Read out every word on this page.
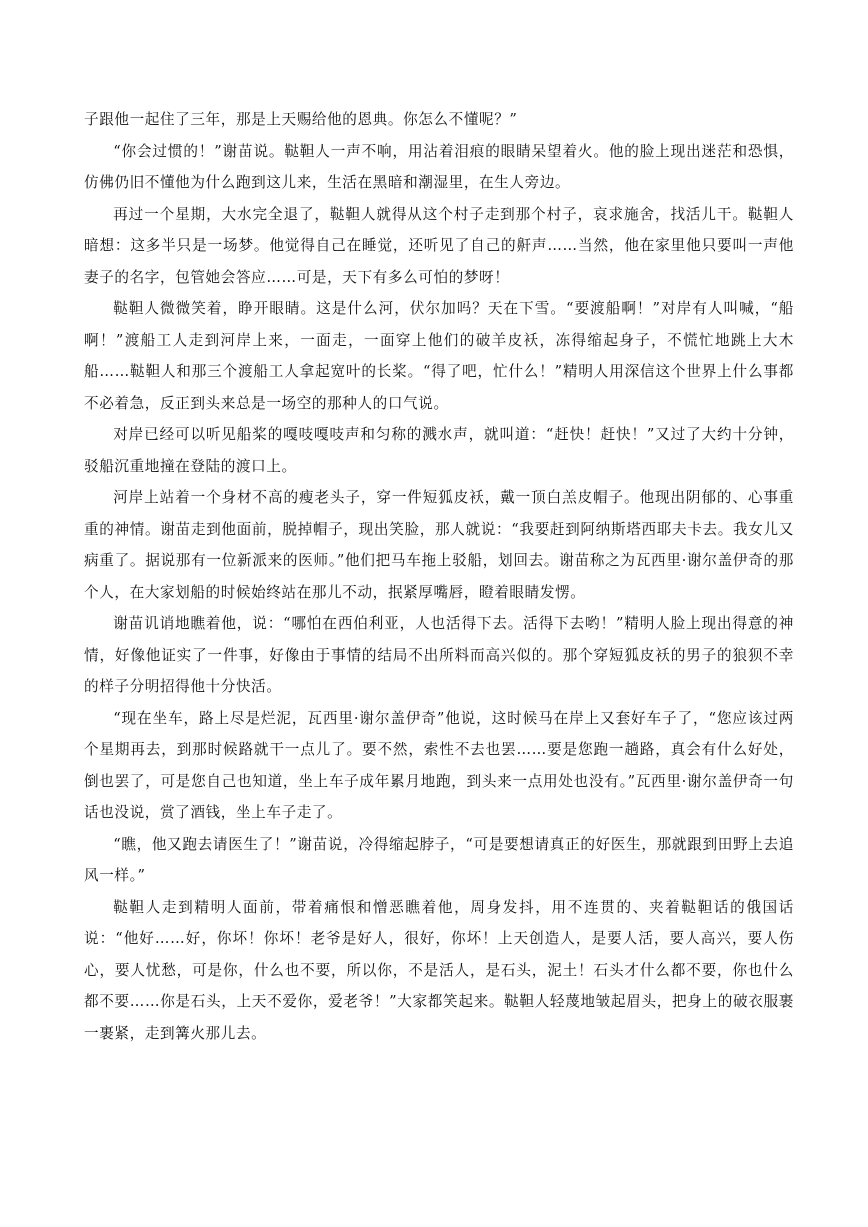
子跟他一起住了三年，那是上天赐给他的恩典。你怎么不懂呢？”

“你会过惯的！”谢苗说。鞑靼人一声不响，用沾着泪痕的眼睛呆望着火。他的脸上现出迷茫和恐惧，仿佛仍旧不懂他为什么跑到这儿来，生活在黑暗和潮湿里，在生人旁边。

再过一个星期，大水完全退了，鞑靼人就得从这个村子走到那个村子，哀求施舍，找活儿干。鞑靼人暗想：这多半只是一场梦。他觉得自己在睡觉，还听见了自己的鼾声……当然，他在家里他只要叫一声他妻子的名字，包管她会答应……可是，天下有多么可怕的梦呀！

鞑靼人微微笑着，睁开眼睛。这是什么河，伏尔加吗？天在下雪。“要渡船啊！”对岸有人叫喊，“船啊！”渡船工人走到河岸上来，一面走，一面穿上他们的破羊皮袄，冻得缩起身子，不慌忙地跳上大木船……鞑靼人和那三个渡船工人拿起宽叶的长桨。“得了吧，忙什么！”精明人用深信这个世界上什么事都不必着急，反正到头来总是一场空的那种人的口气说。

对岸已经可以听见船桨的嘎吱嘎吱声和匀称的溅水声，就叫道：“赶快！赶快！”又过了大约十分钟，驳船沉重地撞在登陆的渡口上。

河岸上站着一个身材不高的瘦老头子，穿一件短狐皮袄，戴一顶白羔皮帽子。他现出阴郁的、心事重重的神情。谢苗走到他面前，脱掉帽子，现出笑脸，那人就说：“我要赶到阿纳斯塔西耶夫卡去。我女儿又病重了。据说那有一位新派来的医师。”他们把马车拖上驳船，划回去。谢苗称之为瓦西里·谢尔盖伊奇的那个人，在大家划船的时候始终站在那儿不动，抿紧厚嘴唇，瞪着眼睛发愣。

谢苗讥诮地瞧着他，说：“哪怕在西伯利亚，人也活得下去。活得下去哟！”精明人脸上现出得意的神情，好像他证实了一件事，好像由于事情的结局不出所料而高兴似的。那个穿短狐皮袄的男子的狼狈不幸的样子分明招得他十分快活。

“现在坐车，路上尽是烂泥，瓦西里·谢尔盖伊奇”他说，这时候马在岸上又套好车子了，“您应该过两个星期再去，到那时候路就干一点儿了。要不然，索性不去也罢……要是您跑一趟路，真会有什么好处，倒也罢了，可是您自己也知道，坐上车子成年累月地跑，到头来一点用处也没有。”瓦西里·谢尔盖伊奇一句话也没说，赏了酒钱，坐上车子走了。

“瞧，他又跑去请医生了！”谢苗说，冷得缩起脖子，“可是要想请真正的好医生，那就跟到田野上去追风一样。”

鞑靼人走到精明人面前，带着痛恨和憎恶瞧着他，周身发抖，用不连贯的、夹着鞑靼话的俄国话说：“他好……好，你坏！你坏！老爷是好人，很好，你坏！上天创造人，是要人活，要人高兴，要人伤心，要人忧愁，可是你，什么也不要，所以你，不是活人，是石头，泥土！石头才什么都不要，你也什么都不要……你是石头，上天不爱你，爱老爷！”大家都笑起来。鞑靼人轻蔑地皱起眉头，把身上的破衣服裹一裹紧，走到篝火那儿去。
